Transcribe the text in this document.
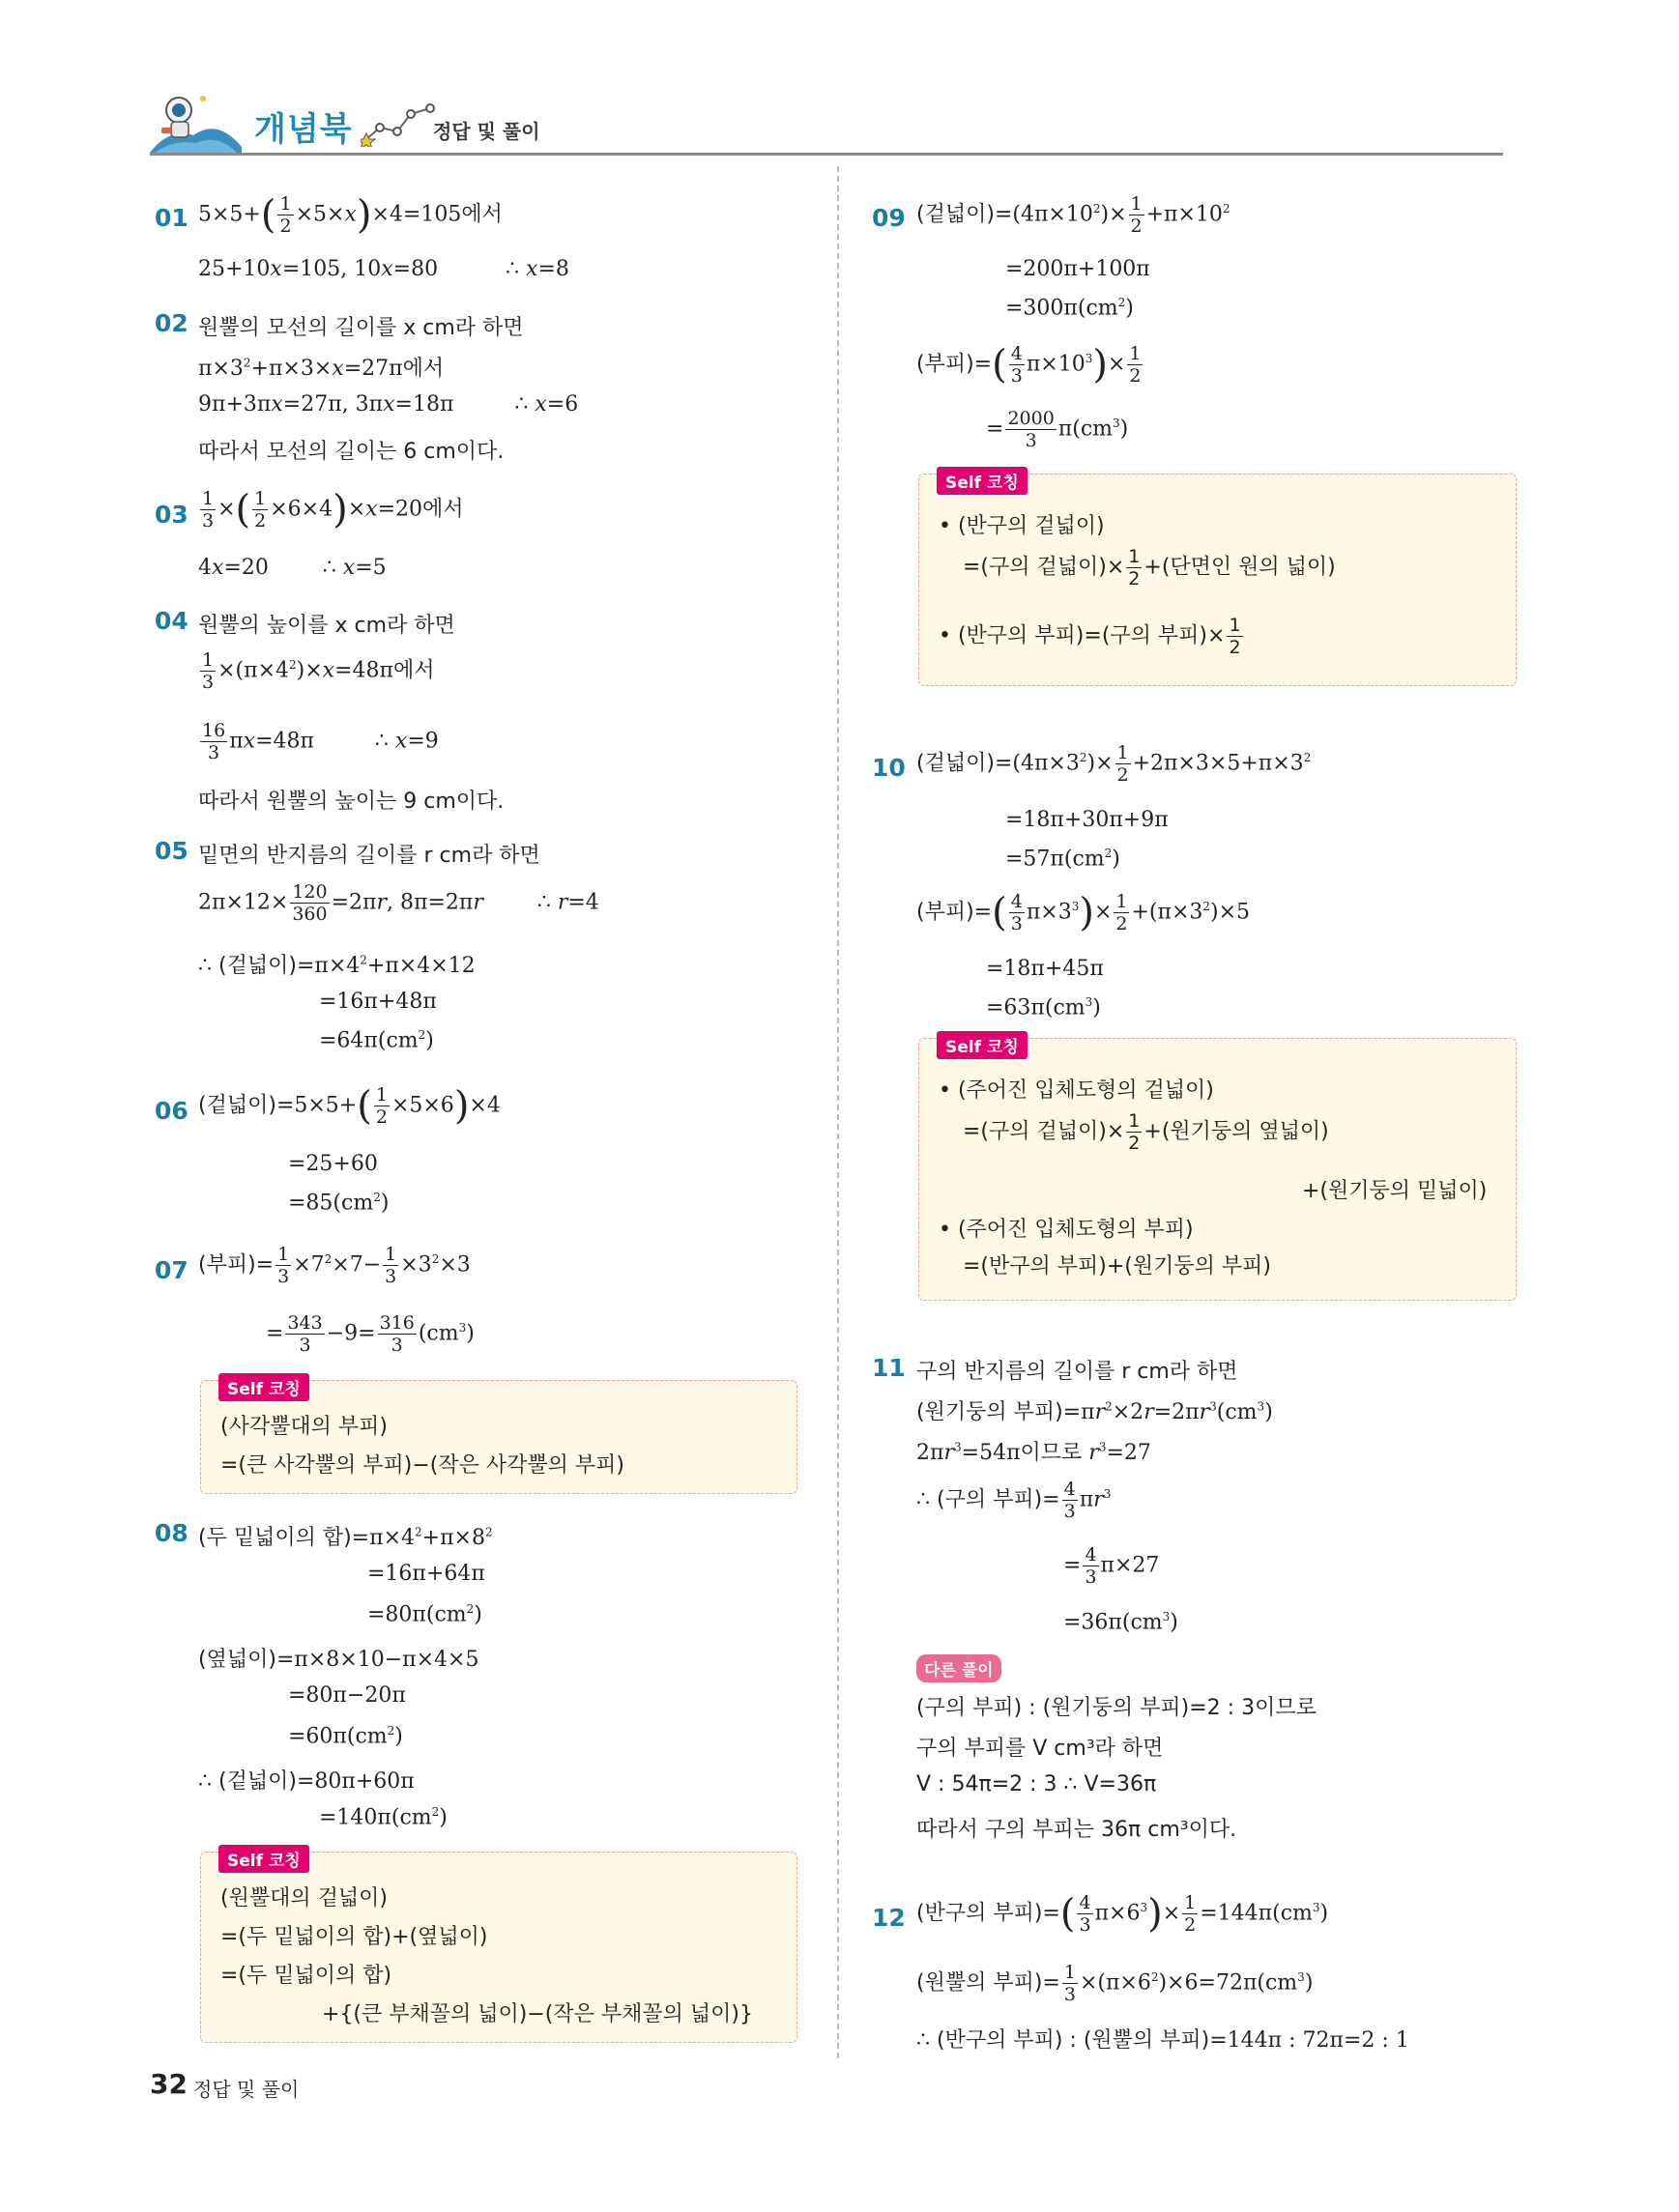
개념북	정답 및 풀이
01 $5\times 5+( \frac{1}{2} \times 5\times x)\times 4=105$에서
25+10x=105, 10x=80          ∴ x=8
02 원뿔의 모선의 길이를 x cm라 하면
$\pi\times 3^2+\pi\times 3\times x=27\pi$에서
9π+3πx=27π, 3πx=18π         ∴ x=6
따라서 모선의 길이는 6 cm이다.
$03 \frac{1}{3}$ ×( $\frac{1}{2} \times 6\times 4)\times x=20$에서
4x=20        ∴ x=5
04 원뿔의 높이를 x cm라 하면
$\frac{1}{3} \times(\pi\times 4^2)\times x=48\pi$에서
$\frac{16}{3} \pi x=48\pi$         ∴ x=9
따라서 원뿔의 높이는 9 cm이다.
05 밑면의 반지름의 길이를 r cm라 하면
$2\pi\times 12\times \frac{120}{360} =2\pi r$, 8π=2πr        ∴ r=4
∴ (겉넓이)$=\pi\times 4^2+\pi\times 4\times 12$
=16π+48π
$=64\pi(cm^2)$
06 (겉넓이)$=5\times 5+( \frac{1}{2} \times 5\times 6)\times 4$
=25+60
$=85(cm^2)$
07 (부피)= $\frac{1}{3} \times 7^2\times 7- \frac{1}{3} \times 3^2\times 3$
= $\frac{343}{3} -9= \frac{316}{3} (cm^3)$
Self 코칭
(사각뿔대의 부피)
=(큰 사각뿔의 부피)−(작은 사각뿔의 부피)
08 (두 밑넓이의 합)$=\pi\times 4^2+\pi\times 8^2$
=16π+64π
$=80\pi(cm^2)$
(옆넓이)=π×8×10−π×4×5
=80π−20π
$=60\pi(cm^2)$
∴ (겉넓이)=80π+60π
$=140\pi(cm^2)$
Self 코칭
(원뿔대의 겉넓이)
=(두 밑넓이의 합)+(옆넓이)
=(두 밑넓이의 합)
+{(큰 부채꼴의 넓이)−(작은 부채꼴의 넓이)}
09 (겉넓이)$=(4\pi\times 10^2)\times \frac{1}{2} +\pi\times 10^2$
=200π+100π
$=300\pi(cm^2)$
(부피)=( $\frac{4}{3} \pi\times 10^3)\times \frac{1}{2}$
= $\frac{2000}{3} \pi(cm^3)$
Self 코칭
• (반구의 겉넓이)
=(구의 겉넓이)× $\frac{1}{2}$ +(단면인 원의 넓이)
• (반구의 부피)=(구의 부피)× $\frac{1}{2}$
10 (겉넓이)$=(4\pi\times 3^2)\times \frac{1}{2} +2\pi\times 3\times 5+\pi\times 3^2$
=18π+30π+9π
$=57\pi(cm^2)$
(부피)=( $\frac{4}{3} \pi\times 3^3)\times \frac{1}{2} +(\pi\times 3^2)\times 5$
=18π+45π
$=63\pi(cm^3)$
Self 코칭
• (주어진 입체도형의 겉넓이)
=(구의 겉넓이)× $\frac{1}{2}$ +(원기둥의 옆넓이)
+(원기둥의 밑넓이)
• (주어진 입체도형의 부피)
=(반구의 부피)+(원기둥의 부피)
11 구의 반지름의 길이를 r cm라 하면
(원기둥의 부피)$=\pi r^2\times 2r=2\pi r^3(cm^3)$
$2\pi r^3=54\pi$이므로 $r^3=27$
∴ (구의 부피)= $\frac{4}{3} \pi r^3$
= $\frac{4}{3} \pi\times 27$
$=36\pi(cm^3)$
다른 풀이
(구의 부피) : (원기둥의 부피)=2 : 3이므로
구의 부피를 V cm³라 하면
V : 54π=2 : 3 ∴ V=36π
따라서 구의 부피는 36π cm³이다.
12 (반구의 부피)=( $\frac{4}{3} \pi\times 6^3)\times \frac{1}{2} =144\pi(cm^3)$
(원뿔의 부피)= $\frac{1}{3} \times(\pi\times 6^2)\times 6=72\pi(cm^3)$
∴ (반구의 부피) : (원뿔의 부피)=144π : 72π=2 : 1
32 정답 및 풀이
